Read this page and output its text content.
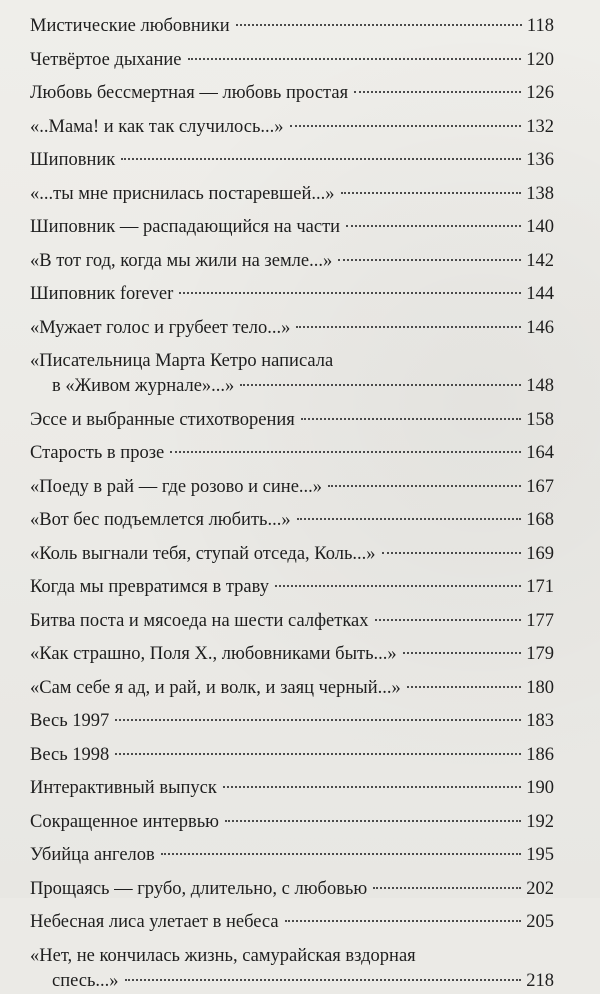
Мистические любовники	118
Четвёртое дыхание	120
Любовь бессмертная — любовь простая	126
«..Мама! и как так случилось...»	132
Шиповник	136
«...ты мне приснилась постаревшей...»	138
Шиповник — распадающийся на части	140
«В тот год, когда мы жили на земле...»	142
Шиповник forever	144
«Мужает голос и грубеет тело...»	146
«Писательница Марта Кетро написала
в «Живом журнале»...»	148
Эссе и выбранные стихотворения	158
Старость в прозе	164
«Поеду в рай — где розово и сине...»	167
«Вот бес подъемлется любить...»	168
«Коль выгнали тебя, ступай отседа, Коль...»	169
Когда мы превратимся в траву	171
Битва поста и мясоеда на шести салфетках	177
«Как страшно, Поля Х., любовниками быть...»	179
«Сам себе я ад, и рай, и волк, и заяц черный...»	180
Весь 1997	183
Весь 1998	186
Интерактивный выпуск	190
Сокращенное интервью	192
Убийца ангелов	195
Прощаясь — грубо, длительно, с любовью	202
Небесная лиса улетает в небеса	205
«Нет, не кончилась жизнь, самурайская вздорная
спесь...»	218
